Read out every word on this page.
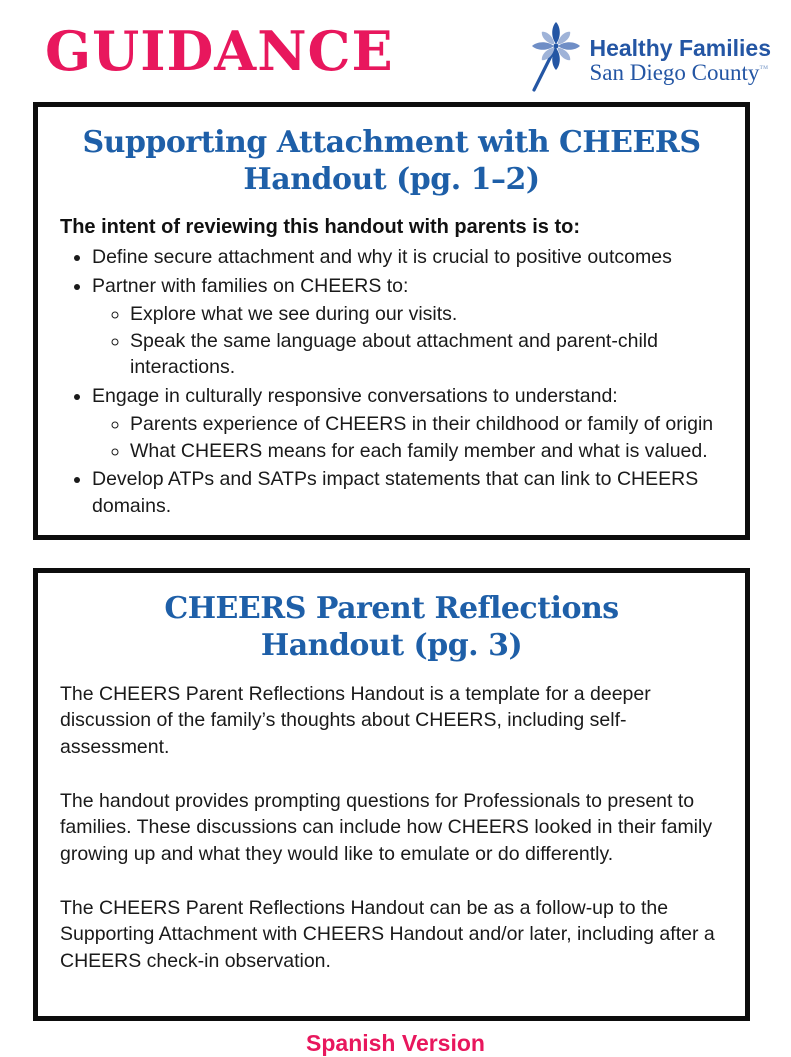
GUIDANCE	Healthy Families
San Diego County™
Supporting Attachment with CHEERS
Handout (pg. 1–2)

The intent of reviewing this handout with parents is to:

• Define secure attachment and why it is crucial to positive outcomes
• Partner with families on CHEERS to:
◦ Explore what we see during our visits.
◦ Speak the same language about attachment and parent-child interactions.
• Engage in culturally responsive conversations to understand:
◦ Parents experience of CHEERS in their childhood or family of origin
◦ What CHEERS means for each family member and what is valued.
• Develop ATPs and SATPs impact statements that can link to CHEERS domains.
CHEERS Parent Reflections
Handout (pg. 3)

The CHEERS Parent Reflections Handout is a template for a deeper discussion of the family’s thoughts about CHEERS, including self-assessment.

The handout provides prompting questions for Professionals to present to families. These discussions can include how CHEERS looked in their family growing up and what they would like to emulate or do differently.

The CHEERS Parent Reflections Handout can be as a follow-up to the Supporting Attachment with CHEERS Handout and/or later, including after a CHEERS check-in observation.

Spanish Version
